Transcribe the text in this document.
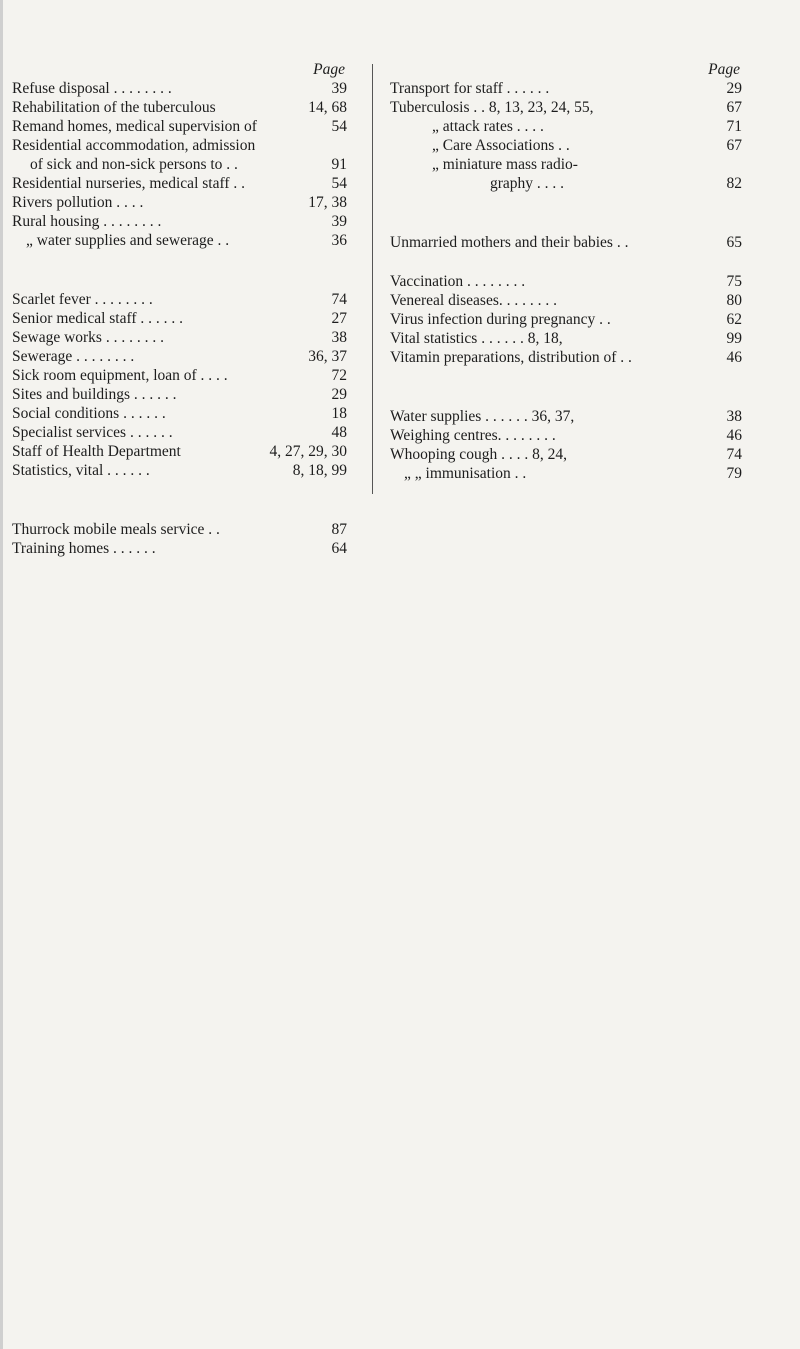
Page
Refuse disposal . . . . . . . .	39
Rehabilitation of the tuberculous	14, 68
Remand homes, medical supervision of	54
Residential accommodation, admission
of sick and non-sick persons to . .	91
Residential nurseries, medical staff . .	54
Rivers pollution . . . .	17, 38
Rural housing . . . . . . . .	39
„ water supplies and sewerage . .	36
Scarlet fever . . . . . . . .	74
Senior medical staff . . . . . .	27
Sewage works . . . . . . . .	38
Sewerage . . . . . . . .	36, 37
Sick room equipment, loan of . . . .	72
Sites and buildings . . . . . .	29
Social conditions . . . . . .	18
Specialist services . . . . . .	48
Staff of Health Department	4, 27, 29, 30
Statistics, vital . . . . . .	8, 18, 99
Thurrock mobile meals service . .	87
Training homes . . . . . .	64
Page
Transport for staff . . . . . .	29
Tuberculosis . . 8, 13, 23, 24, 55,	67
„ attack rates . . . .	71
„ Care Associations . .	67
„ miniature mass radio-
graphy . . . .	82
Unmarried mothers and their babies . .	65
Vaccination . . . . . . . .	75
Venereal diseases. . . . . . . .	80
Virus infection during pregnancy . .	62
Vital statistics . . . . . . 8, 18,	99
Vitamin preparations, distribution of . .	46
Water supplies . . . . . . 36, 37,	38
Weighing centres. . . . . . . .	46
Whooping cough . . . . 8, 24,	74
„ „ immunisation . .	79
